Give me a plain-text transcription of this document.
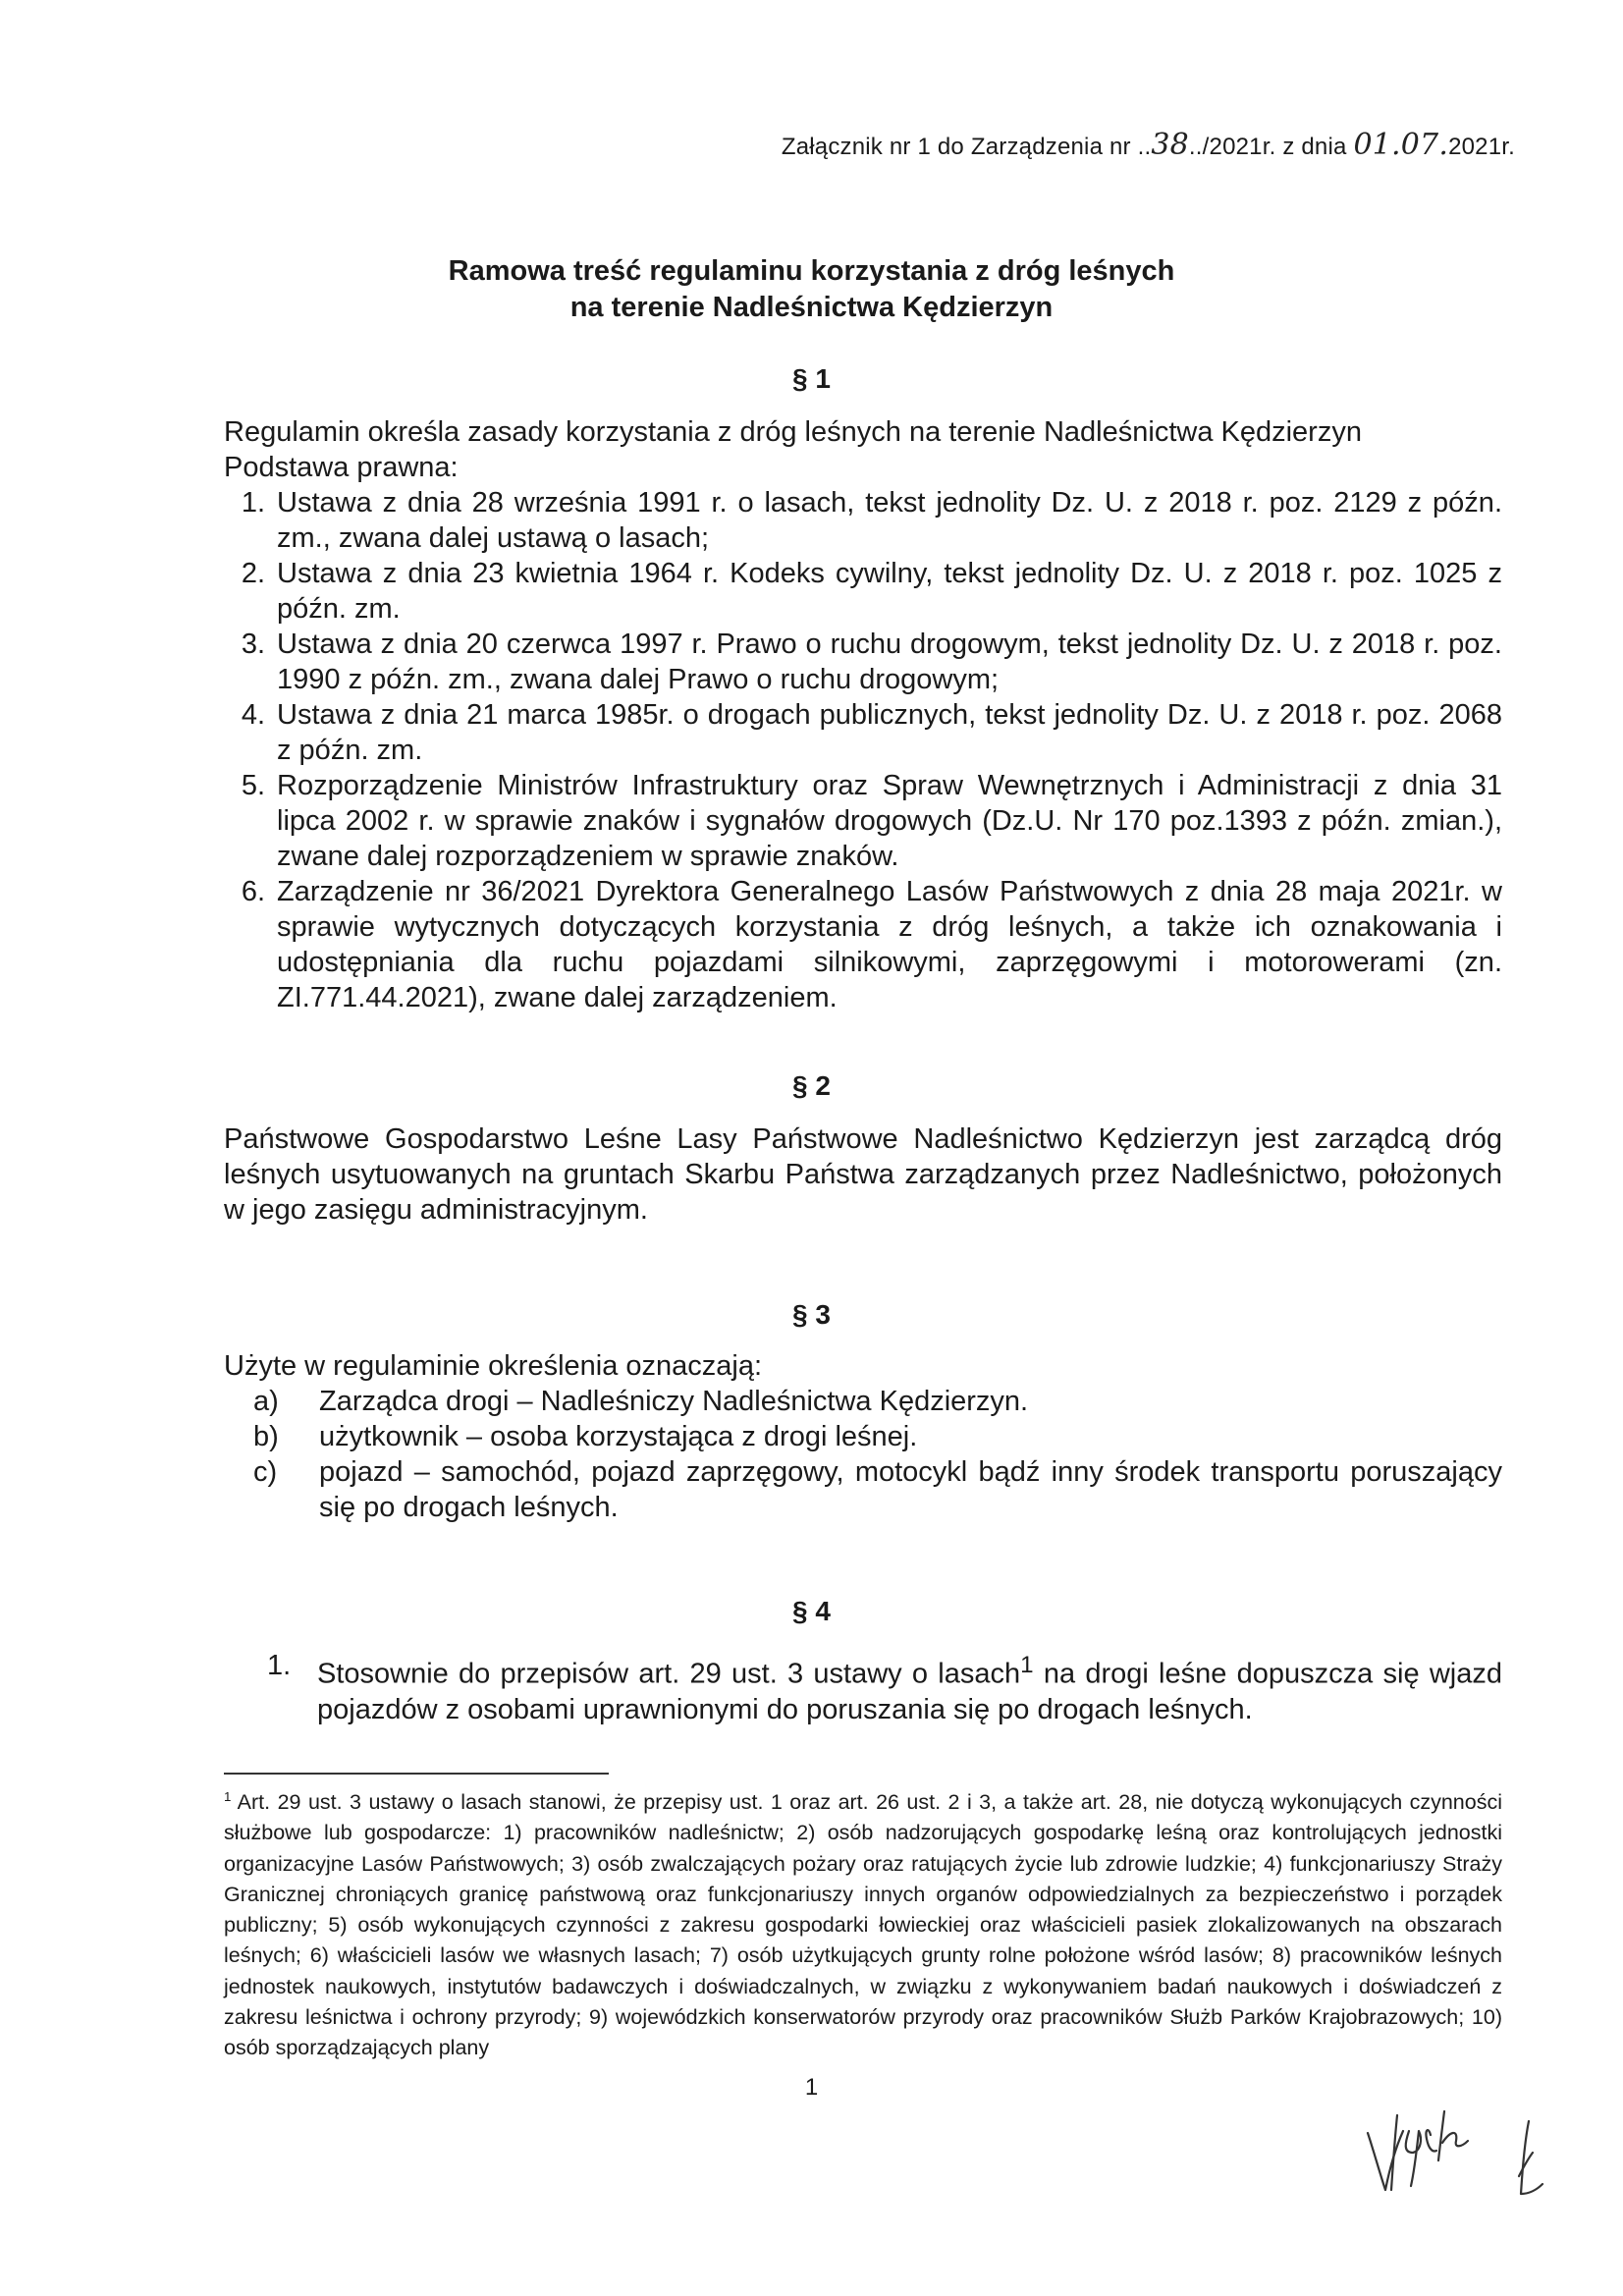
Załącznik nr 1 do Zarządzenia nr ..38../2021r. z dnia 01.07.2021r.
Ramowa treść regulaminu korzystania z dróg leśnych
na terenie Nadleśnictwa Kędzierzyn
§ 1

Regulamin określa zasady korzystania z dróg leśnych na terenie Nadleśnictwa Kędzierzyn

Podstawa prawna:

1. Ustawa z dnia 28 września 1991 r. o lasach, tekst jednolity Dz. U. z 2018 r. poz. 2129 z późn. zm., zwana dalej ustawą o lasach;
2. Ustawa z dnia 23 kwietnia 1964 r. Kodeks cywilny, tekst jednolity Dz. U. z 2018 r. poz. 1025 z późn. zm.
3. Ustawa z dnia 20 czerwca 1997 r. Prawo o ruchu drogowym, tekst jednolity Dz. U. z 2018 r. poz. 1990 z późn. zm., zwana dalej Prawo o ruchu drogowym;
4. Ustawa z dnia 21 marca 1985r. o drogach publicznych, tekst jednolity Dz. U. z 2018 r. poz. 2068 z późn. zm.
5. Rozporządzenie Ministrów Infrastruktury oraz Spraw Wewnętrznych i Administracji z dnia 31 lipca 2002 r. w sprawie znaków i sygnałów drogowych (Dz.U. Nr 170 poz.1393 z późn. zmian.), zwane dalej rozporządzeniem w sprawie znaków.
6. Zarządzenie nr 36/2021 Dyrektora Generalnego Lasów Państwowych z dnia 28 maja 2021r. w sprawie wytycznych dotyczących korzystania z dróg leśnych, a także ich oznakowania i udostępniania dla ruchu pojazdami silnikowymi, zaprzęgowymi i motorowerami (zn. ZI.771.44.2021), zwane dalej zarządzeniem.
§ 2
Państwowe Gospodarstwo Leśne Lasy Państwowe Nadleśnictwo Kędzierzyn jest zarządcą dróg leśnych usytuowanych na gruntach Skarbu Państwa zarządzanych przez Nadleśnictwo, położonych w jego zasięgu administracyjnym.
§ 3
Użyte w regulaminie określenia oznaczają:
a)	Zarządca drogi – Nadleśniczy Nadleśnictwa Kędzierzyn.
b)	użytkownik – osoba korzystająca z drogi leśnej.
c)	pojazd – samochód, pojazd zaprzęgowy, motocykl bądź inny środek transportu poruszający się po drogach leśnych.
§ 4
1. Stosownie do przepisów art. 29 ust. 3 ustawy o lasach$^1$ na drogi leśne dopuszcza się wjazd pojazdów z osobami uprawnionymi do poruszania się po drogach leśnych.
$^1$ Art. 29 ust. 3 ustawy o lasach stanowi, że przepisy ust. 1 oraz art. 26 ust. 2 i 3, a także art. 28, nie dotyczą wykonujących czynności służbowe lub gospodarcze: 1) pracowników nadleśnictw; 2) osób nadzorujących gospodarkę leśną oraz kontrolujących jednostki organizacyjne Lasów Państwowych; 3) osób zwalczających pożary oraz ratujących życie lub zdrowie ludzkie; 4) funkcjonariuszy Straży Granicznej chroniących granicę państwową oraz funkcjonariuszy innych organów odpowiedzialnych za bezpieczeństwo i porządek publiczny; 5) osób wykonujących czynności z zakresu gospodarki łowieckiej oraz właścicieli pasiek zlokalizowanych na obszarach leśnych; 6) właścicieli lasów we własnych lasach; 7) osób użytkujących grunty rolne położone wśród lasów; 8) pracowników leśnych jednostek naukowych, instytutów badawczych i doświadczalnych, w związku z wykonywaniem badań naukowych i doświadczeń z zakresu leśnictwa i ochrony przyrody; 9) wojewódzkich konserwatorów przyrody oraz pracowników Służb Parków Krajobrazowych; 10) osób sporządzających plany
1
